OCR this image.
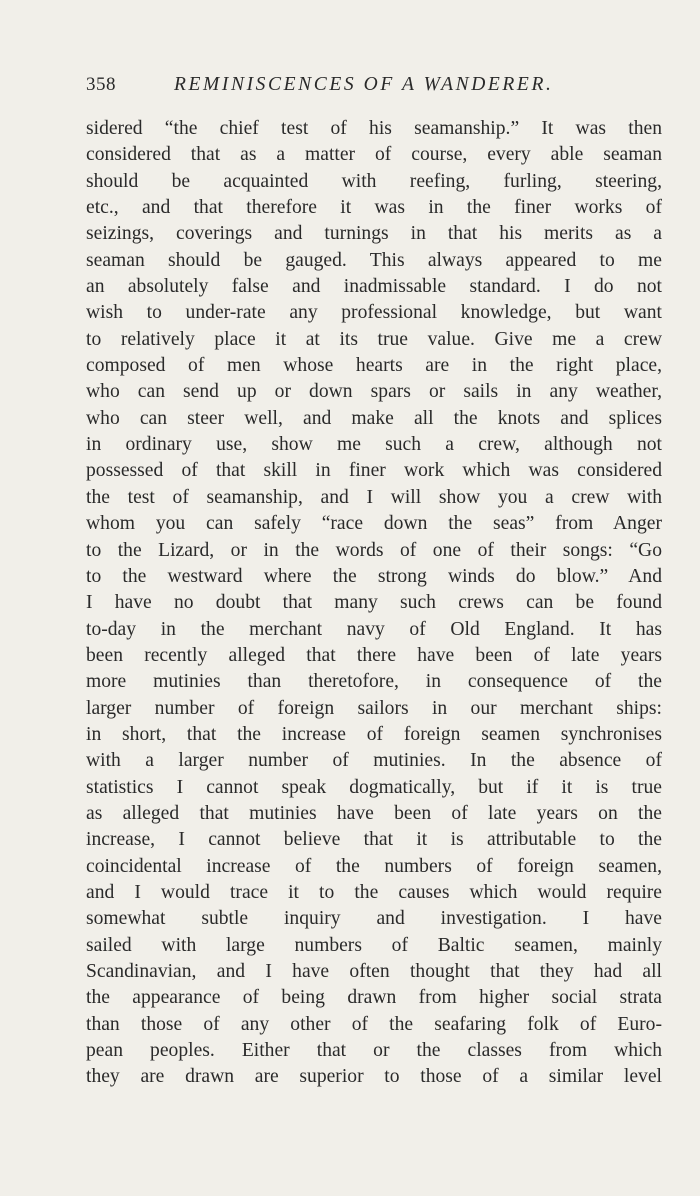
358	REMINISCENCES OF A WANDERER.
sidered “the chief test of his seamanship.” It was then
considered that as a matter of course, every able seaman
should be acquainted with reefing, furling, steering,
etc., and that therefore it was in the finer works of
seizings, coverings and turnings in that his merits as a
seaman should be gauged. This always appeared to me
an absolutely false and inadmissable standard. I do not
wish to under-rate any professional knowledge, but want
to relatively place it at its true value. Give me a crew
composed of men whose hearts are in the right place,
who can send up or down spars or sails in any weather,
who can steer well, and make all the knots and splices
in ordinary use, show me such a crew, although not
possessed of that skill in finer work which was considered
the test of seamanship, and I will show you a crew with
whom you can safely “race down the seas” from Anger
to the Lizard, or in the words of one of their songs: “Go
to the westward where the strong winds do blow.” And
I have no doubt that many such crews can be found
to-day in the merchant navy of Old England. It has
been recently alleged that there have been of late years
more mutinies than theretofore, in consequence of the
larger number of foreign sailors in our merchant ships:
in short, that the increase of foreign seamen synchronises
with a larger number of mutinies. In the absence of
statistics I cannot speak dogmatically, but if it is true
as alleged that mutinies have been of late years on the
increase, I cannot believe that it is attributable to the
coincidental increase of the numbers of foreign seamen,
and I would trace it to the causes which would require
somewhat subtle inquiry and investigation. I have
sailed with large numbers of Baltic seamen, mainly
Scandinavian, and I have often thought that they had all
the appearance of being drawn from higher social strata
than those of any other of the seafaring folk of Euro-
pean peoples. Either that or the classes from which
they are drawn are superior to those of a similar level
